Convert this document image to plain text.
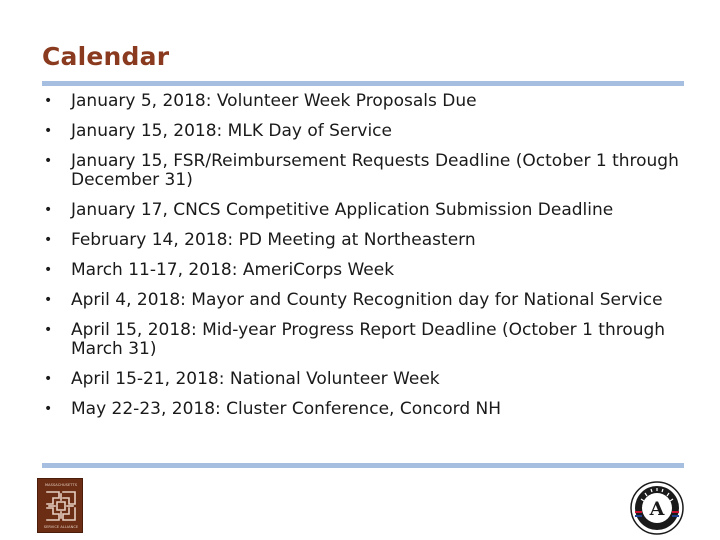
Calendar
• January 5, 2018: Volunteer Week Proposals Due
• January 15, 2018: MLK Day of Service
• January 15, FSR/Reimbursement Requests Deadline (October 1 through December 31)
• January 17, CNCS Competitive Application Submission Deadline
• February 14, 2018: PD Meeting at Northeastern
• March 11-17, 2018: AmeriCorps Week
• April 4, 2018: Mayor and County Recognition day for National Service
• April 15, 2018: Mid-year Progress Report Deadline (October 1 through March 31)
• April 15-21, 2018: National Volunteer Week
• May 22-23, 2018: Cluster Conference, Concord NH
MASSACHUSETTS
SERVICE ALLIANCE
A
